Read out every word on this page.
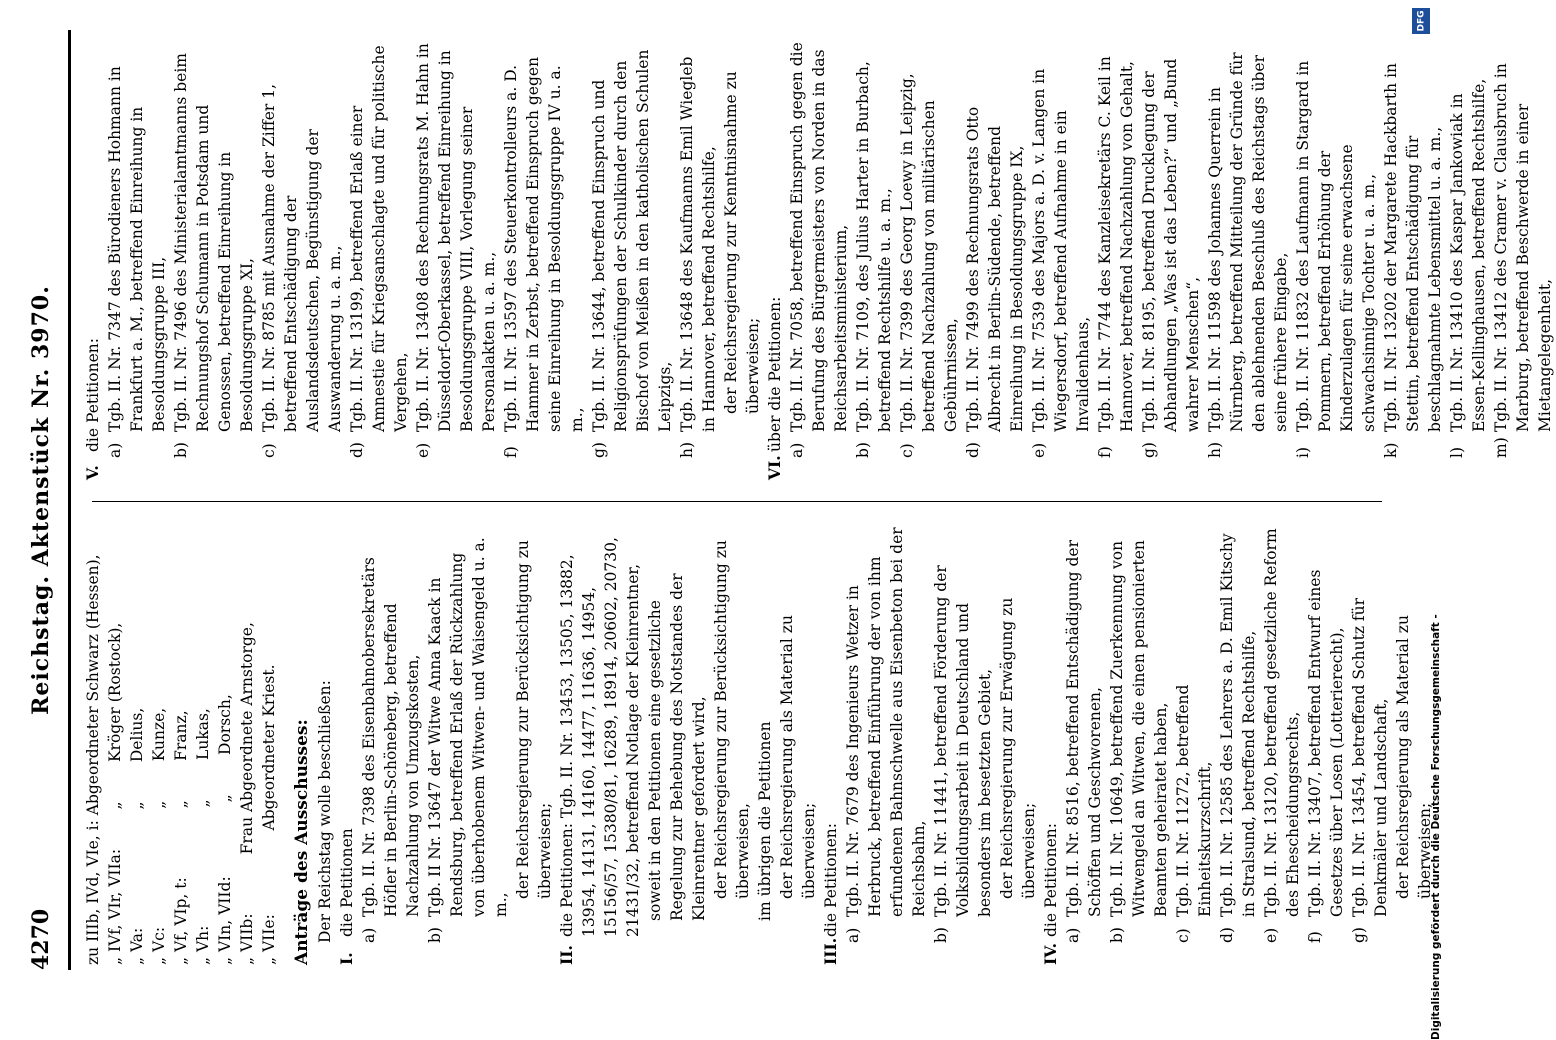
4270
Reichstag. Aktenstück Nr. 3970.

zu IIIb, IVd, VIe, i: Abgeordneter Schwarz (Hessen), „ IVf, VIr, VIIa:        „        Kröger (Rostock), „ Va:                        „        Delius, „ Vc:                        „        Kunze, „ Vf, VIp, t:              „        Franz, „ Vh:                        „        Lukas, „ VIn, VIId:               „        Dorsch, „ VIIb:            Frau Abgeordnete Arnstorge, „ VIIe:                 Abgeordneter Kriest. Anträge des Ausschusses: Der Reichstag wolle beschließen:

I.
die Petitionen a)
Tgb. II. Nr. 7398 des Eisenbahnobersekretärs Höfler in Berlin-Schöneberg, betreffend Nachzahlung von Umzugskosten,
b)
Tgb. II Nr. 13647 der Witwe Anna Kaack in Rendsburg, betreffend Erlaß der Rückzahlung von überhobenem Witwen- und Waisengeld u. a. m.,

der Reichsregierung zur Berücksichtigung zu überweisen;

II.
die Petitionen: Tgb. II. Nr. 13453, 13505, 13882, 13954, 14131, 14160, 14477, 11636, 14954, 15156/57, 15380/81, 16289, 18914, 20602, 20730, 21431/32, betreffend Notlage der Kleinrentner, soweit in den Petitionen eine gesetzliche Regelung zur Behebung des Notstandes der Kleinrentner gefordert wird, der Reichsregierung zur Berücksichtigung zu überweisen, im übrigen die Petitionen der Reichsregierung als Material zu überweisen;

III.
die Petitionen: a)
Tgb. II. Nr. 7679 des Ingenieurs Wetzer in Herbruck, betreffend Einführung der von ihm erfundenen Bahnschwelle aus Eisenbeton bei der Reichsbahn,
b)
Tgb. II. Nr. 11441, betreffend Förderung der Volksbildungsarbeit in Deutschland und besonders im besetzten Gebiet, der Reichsregierung zur Erwägung zu überweisen;

IV.
die Petitionen: a)
Tgb. II. Nr. 8516, betreffend Entschädigung der Schöffen und Geschworenen,
b)
Tgb. II. Nr. 10649, betreffend Zuerkennung von Witwengeld an Witwen, die einen pensionierten Beamten geheiratet haben,
c)
Tgb. II. Nr. 11272, betreffend Einheitskurzschrift,
d)
Tgb. II. Nr. 12585 des Lehrers a. D. Emil Kitschy in Stralsund, betreffend Rechtshilfe,
e)
Tgb. II. Nr. 13120, betreffend gesetzliche Reform des Ehescheidungsrechts,
f)
Tgb. II. Nr. 13407, betreffend Entwurf eines Gesetzes über Losen (Lotterierecht),
g)
Tgb. II. Nr. 13454, betreffend Schutz für Denkmäler und Landschaft, der Reichsregierung als Material zu überweisen;

V.
die Petitionen: a)
Tgb. II. Nr. 7347 des Bürodieners Hohmann in Frankfurt a. M., betreffend Einreihung in Besoldungsgruppe III,
b)
Tgb. II. Nr. 7496 des Ministerialamtmanns beim Rechnungshof Schumann in Potsdam und Genossen, betreffend Einreihung in Besoldungsgruppe XI,
c)
Tgb. II. Nr. 8785 mit Ausnahme der Ziffer 1, betreffend Entschädigung der Auslandsdeutschen, Begünstigung der Auswanderung u. a. m.,
d)
Tgb. II. Nr. 13199, betreffend Erlaß einer Amnestie für Kriegsanschlagte und für politische Vergehen,
e)
Tgb. II. Nr. 13408 des Rechnungsrats M. Hahn in Düsseldorf-Oberkassel, betreffend Einreihung in Besoldungsgruppe VIII, Vorlegung seiner Personalakten u. a. m.,
f)
Tgb. II. Nr. 13597 des Steuerkontrolleurs a. D. Hammer in Zerbst, betreffend Einspruch gegen seine Einreihung in Besoldungsgruppe IV u. a. m.,
g)
Tgb. II. Nr. 13644, betreffend Einspruch und Religionsprüfungen der Schulkinder durch den Bischof von Meißen in den katholischen Schulen Leipzigs,
h)
Tgb. II. Nr. 13648 des Kaufmanns Emil Wiegleb in Hannover, betreffend Rechtshilfe, der Reichsregierung zur Kenntnisnahme zu überweisen;

VI.
über die Petitionen: a)
Tgb. II. Nr. 7058, betreffend Einspruch gegen die Berufung des Bürgermeisters von Norden in das Reichsarbeitsministerium,
b)
Tgb. II. Nr. 7109, des Julius Harter in Burbach, betreffend Rechtshilfe u. a. m.,
c)
Tgb. II. Nr. 7399 des Georg Loewy in Leipzig, betreffend Nachzahlung von militärischen Gebührnissen,
d)
Tgb. II. Nr. 7499 des Rechnungsrats Otto Albrecht in Berlin-Südende, betreffend Einreihung in Besoldungsgruppe IX,
e)
Tgb. II. Nr. 7539 des Majors a. D. v. Langen in Wiegersdorf, betreffend Aufnahme in ein Invalidenhaus,
f)
Tgb. II. Nr. 7744 des Kanzleisekretärs C. Keil in Hannover, betreffend Nachzahlung von Gehalt,
g)
Tgb. II. Nr. 8195, betreffend Drucklegung der Abhandlungen „Was ist das Leben?“ und „Bund wahrer Menschen“,
h)
Tgb. II. Nr. 11598 des Johannes Querrein in Nürnberg, betreffend Mitteilung der Gründe für den ablehnenden Beschluß des Reichstags über seine frühere Eingabe,
i)
Tgb. II. Nr. 11832 des Laufmann in Stargard in Pommern, betreffend Erhöhung der Kinderzulagen für seine erwachsene schwachsinnige Tochter u. a. m.,
k)
Tgb. II. Nr. 13202 der Margarete Hackbarth in Stettin, betreffend Entschädigung für beschlagnahmte Lebensmittel u. a. m.,
l)
Tgb. II. Nr. 13410 des Kaspar Jankowiak in Essen-Kellinghausen, betreffend Rechtshilfe,
m)
Tgb. II. Nr. 13412 des Cramer v. Clausbruch in Marburg, betreffend Beschwerde in einer Mietangelegenheit,
DFG
Digitalisierung gefördert durch die Deutsche Forschungsgemeinschaft -
